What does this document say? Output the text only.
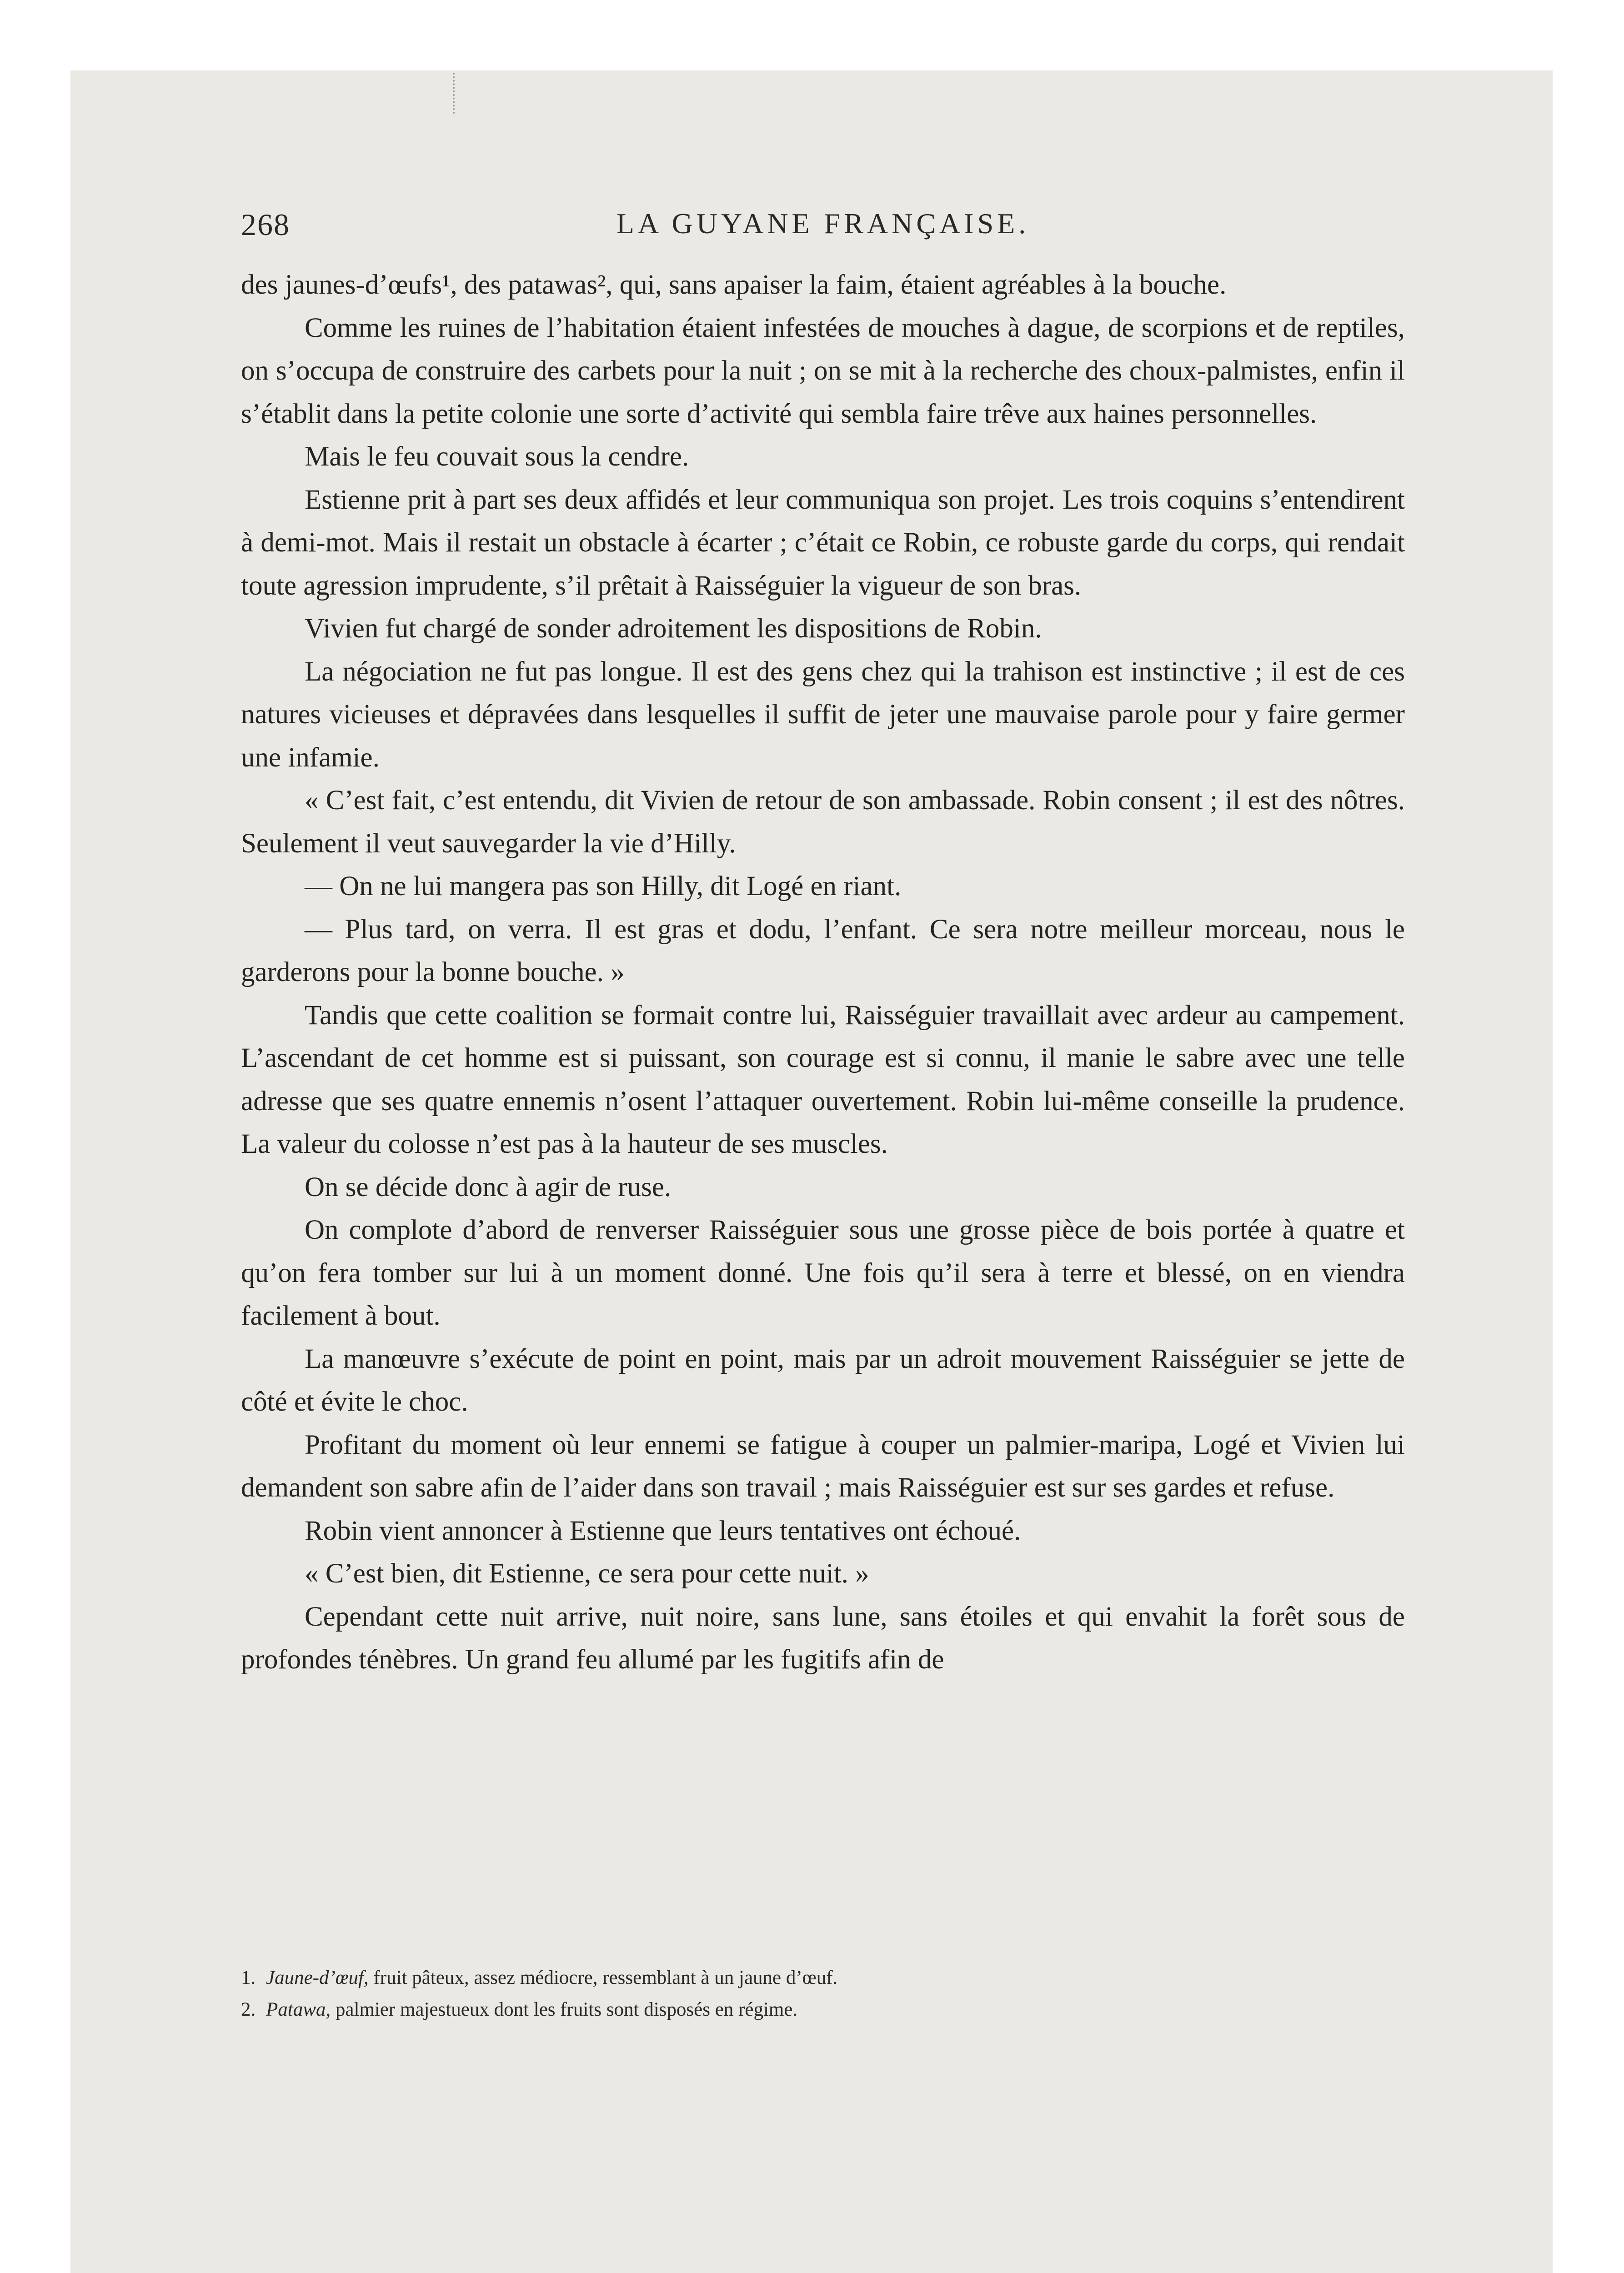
268	LA GUYANE FRANÇAISE.

des jaunes-d’œufs¹, des patawas², qui, sans apaiser la faim, étaient agréables à la bouche.

Comme les ruines de l’habitation étaient infestées de mouches à dague, de scorpions et de reptiles, on s’occupa de construire des carbets pour la nuit ; on se mit à la recherche des choux-palmistes, enfin il s’établit dans la petite colonie une sorte d’activité qui sembla faire trêve aux haines personnelles.

Mais le feu couvait sous la cendre.

Estienne prit à part ses deux affidés et leur communiqua son projet. Les trois coquins s’entendirent à demi-mot. Mais il restait un obstacle à écarter ; c’était ce Robin, ce robuste garde du corps, qui rendait toute agression imprudente, s’il prêtait à Raisséguier la vigueur de son bras.

Vivien fut chargé de sonder adroitement les dispositions de Robin.

La négociation ne fut pas longue. Il est des gens chez qui la trahison est instinctive ; il est de ces natures vicieuses et dépravées dans lesquelles il suffit de jeter une mauvaise parole pour y faire germer une infamie.

« C’est fait, c’est entendu, dit Vivien de retour de son ambassade. Robin consent ; il est des nôtres. Seulement il veut sauvegarder la vie d’Hilly.

— On ne lui mangera pas son Hilly, dit Logé en riant.

— Plus tard, on verra. Il est gras et dodu, l’enfant. Ce sera notre meilleur morceau, nous le garderons pour la bonne bouche. »

Tandis que cette coalition se formait contre lui, Raisséguier travaillait avec ardeur au campement. L’ascendant de cet homme est si puissant, son courage est si connu, il manie le sabre avec une telle adresse que ses quatre ennemis n’osent l’attaquer ouvertement. Robin lui-même conseille la prudence. La valeur du colosse n’est pas à la hauteur de ses muscles.

On se décide donc à agir de ruse.

On complote d’abord de renverser Raisséguier sous une grosse pièce de bois portée à quatre et qu’on fera tomber sur lui à un moment donné. Une fois qu’il sera à terre et blessé, on en viendra facilement à bout.

La manœuvre s’exécute de point en point, mais par un adroit mouvement Raisséguier se jette de côté et évite le choc.

Profitant du moment où leur ennemi se fatigue à couper un palmier-maripa, Logé et Vivien lui demandent son sabre afin de l’aider dans son travail ; mais Raisséguier est sur ses gardes et refuse.

Robin vient annoncer à Estienne que leurs tentatives ont échoué.

« C’est bien, dit Estienne, ce sera pour cette nuit. »

Cependant cette nuit arrive, nuit noire, sans lune, sans étoiles et qui envahit la forêt sous de profondes ténèbres. Un grand feu allumé par les fugitifs afin de

1. Jaune-d’œuf, fruit pâteux, assez médiocre, ressemblant à un jaune d’œuf.

2. Patawa, palmier majestueux dont les fruits sont disposés en régime.
